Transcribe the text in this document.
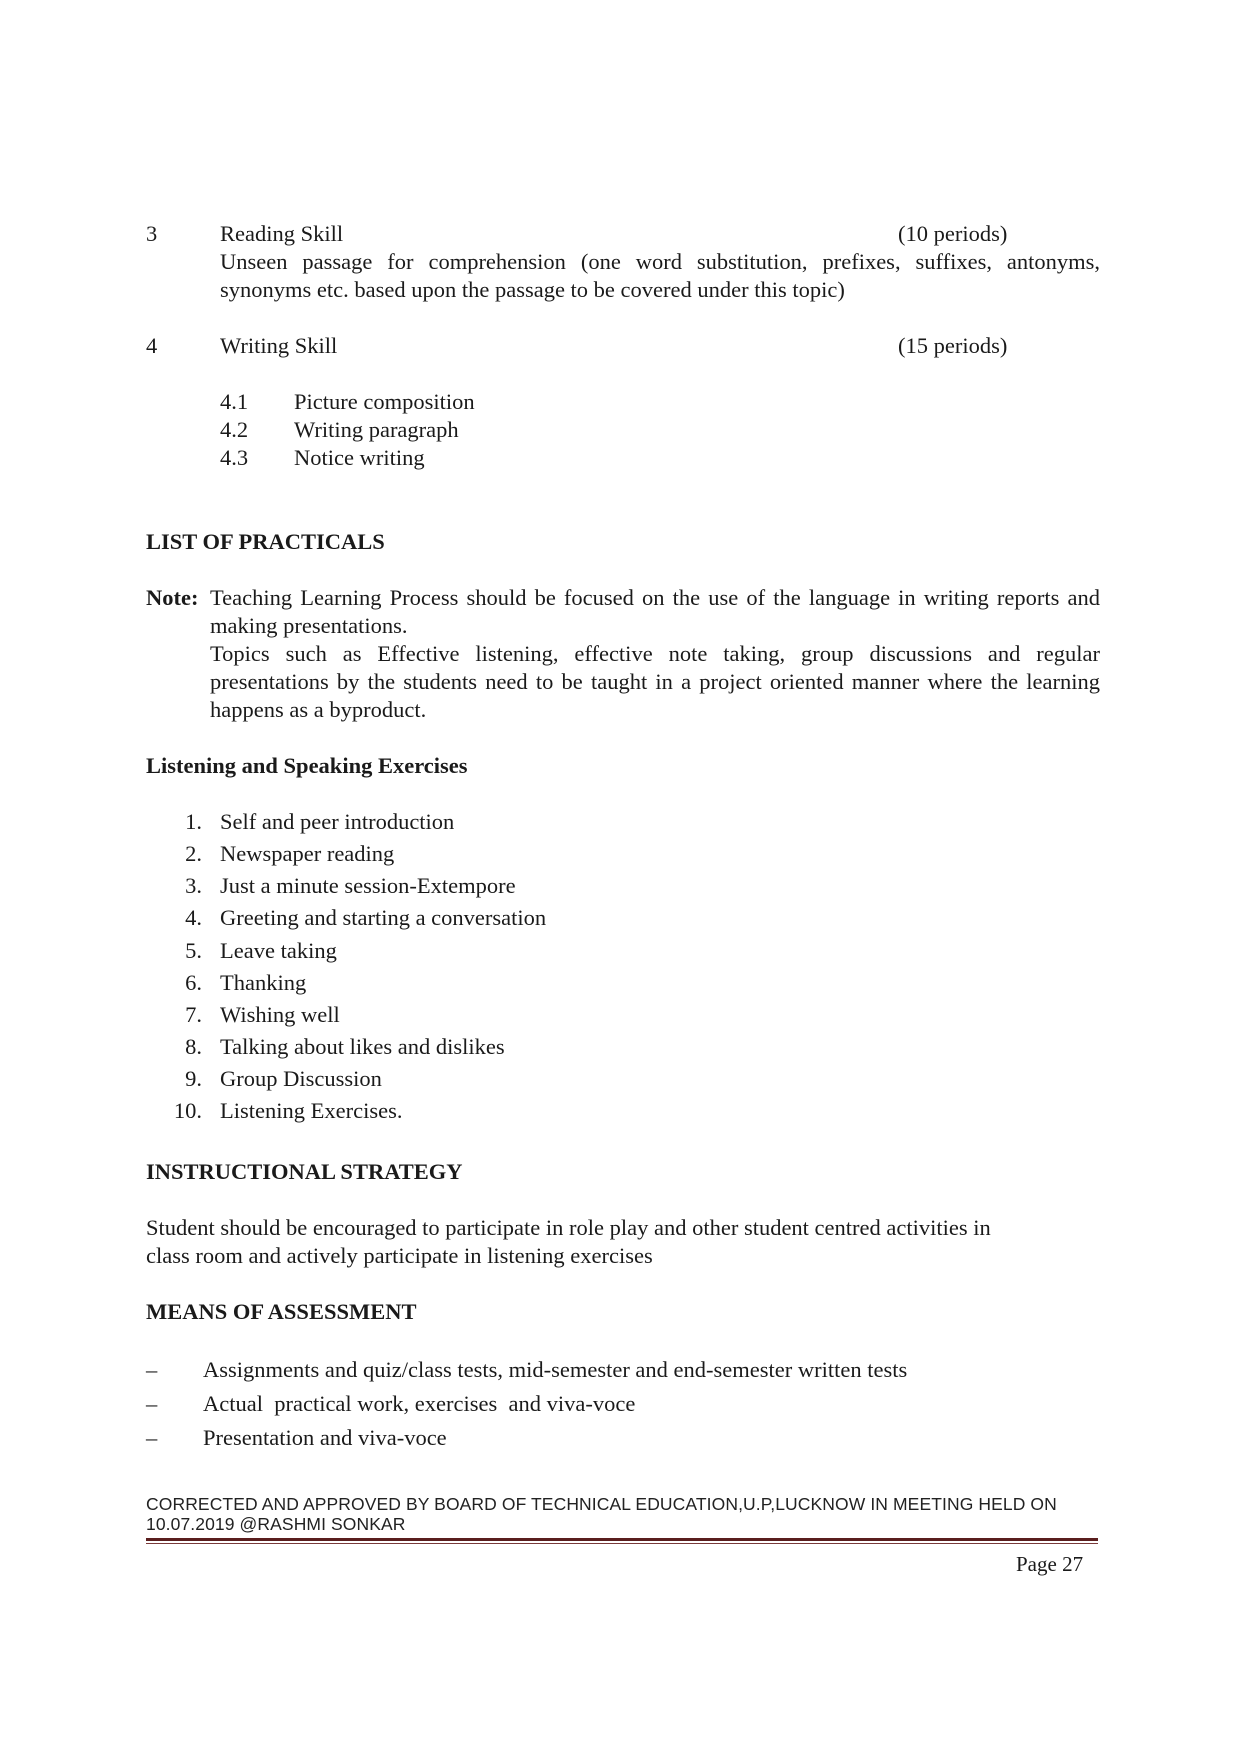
3	Reading Skill	(10 periods)
Unseen passage for comprehension (one word substitution, prefixes, suffixes, antonyms,
synonyms etc. based upon the passage to be covered under this topic)
4	Writing Skill	(15 periods)
4.1 Picture composition
4.2 Writing paragraph
4.3 Notice writing
LIST OF PRACTICALS
Note: Teaching Learning Process should be focused on the use of the language in writing reports and making presentations.
Topics such as Effective listening, effective note taking, group discussions and regular presentations by the students need to be taught in a project oriented manner where the learning happens as a byproduct.
Listening and Speaking Exercises
1. Self and peer introduction
2. Newspaper reading
3. Just a minute session-Extempore
4. Greeting and starting a conversation
5. Leave taking
6. Thanking
7. Wishing well
8. Talking about likes and dislikes
9. Group Discussion
10. Listening Exercises.
INSTRUCTIONAL STRATEGY
Student should be encouraged to participate in role play and other student centred activities in
class room and actively participate in listening exercises
MEANS OF ASSESSMENT
– Assignments and quiz/class tests, mid-semester and end-semester written tests
– Actual  practical work, exercises  and viva-voce
– Presentation and viva-voce
CORRECTED AND APPROVED BY BOARD OF TECHNICAL EDUCATION,U.P,LUCKNOW IN MEETING HELD ON
10.07.2019 @RASHMI SONKAR
Page 27
